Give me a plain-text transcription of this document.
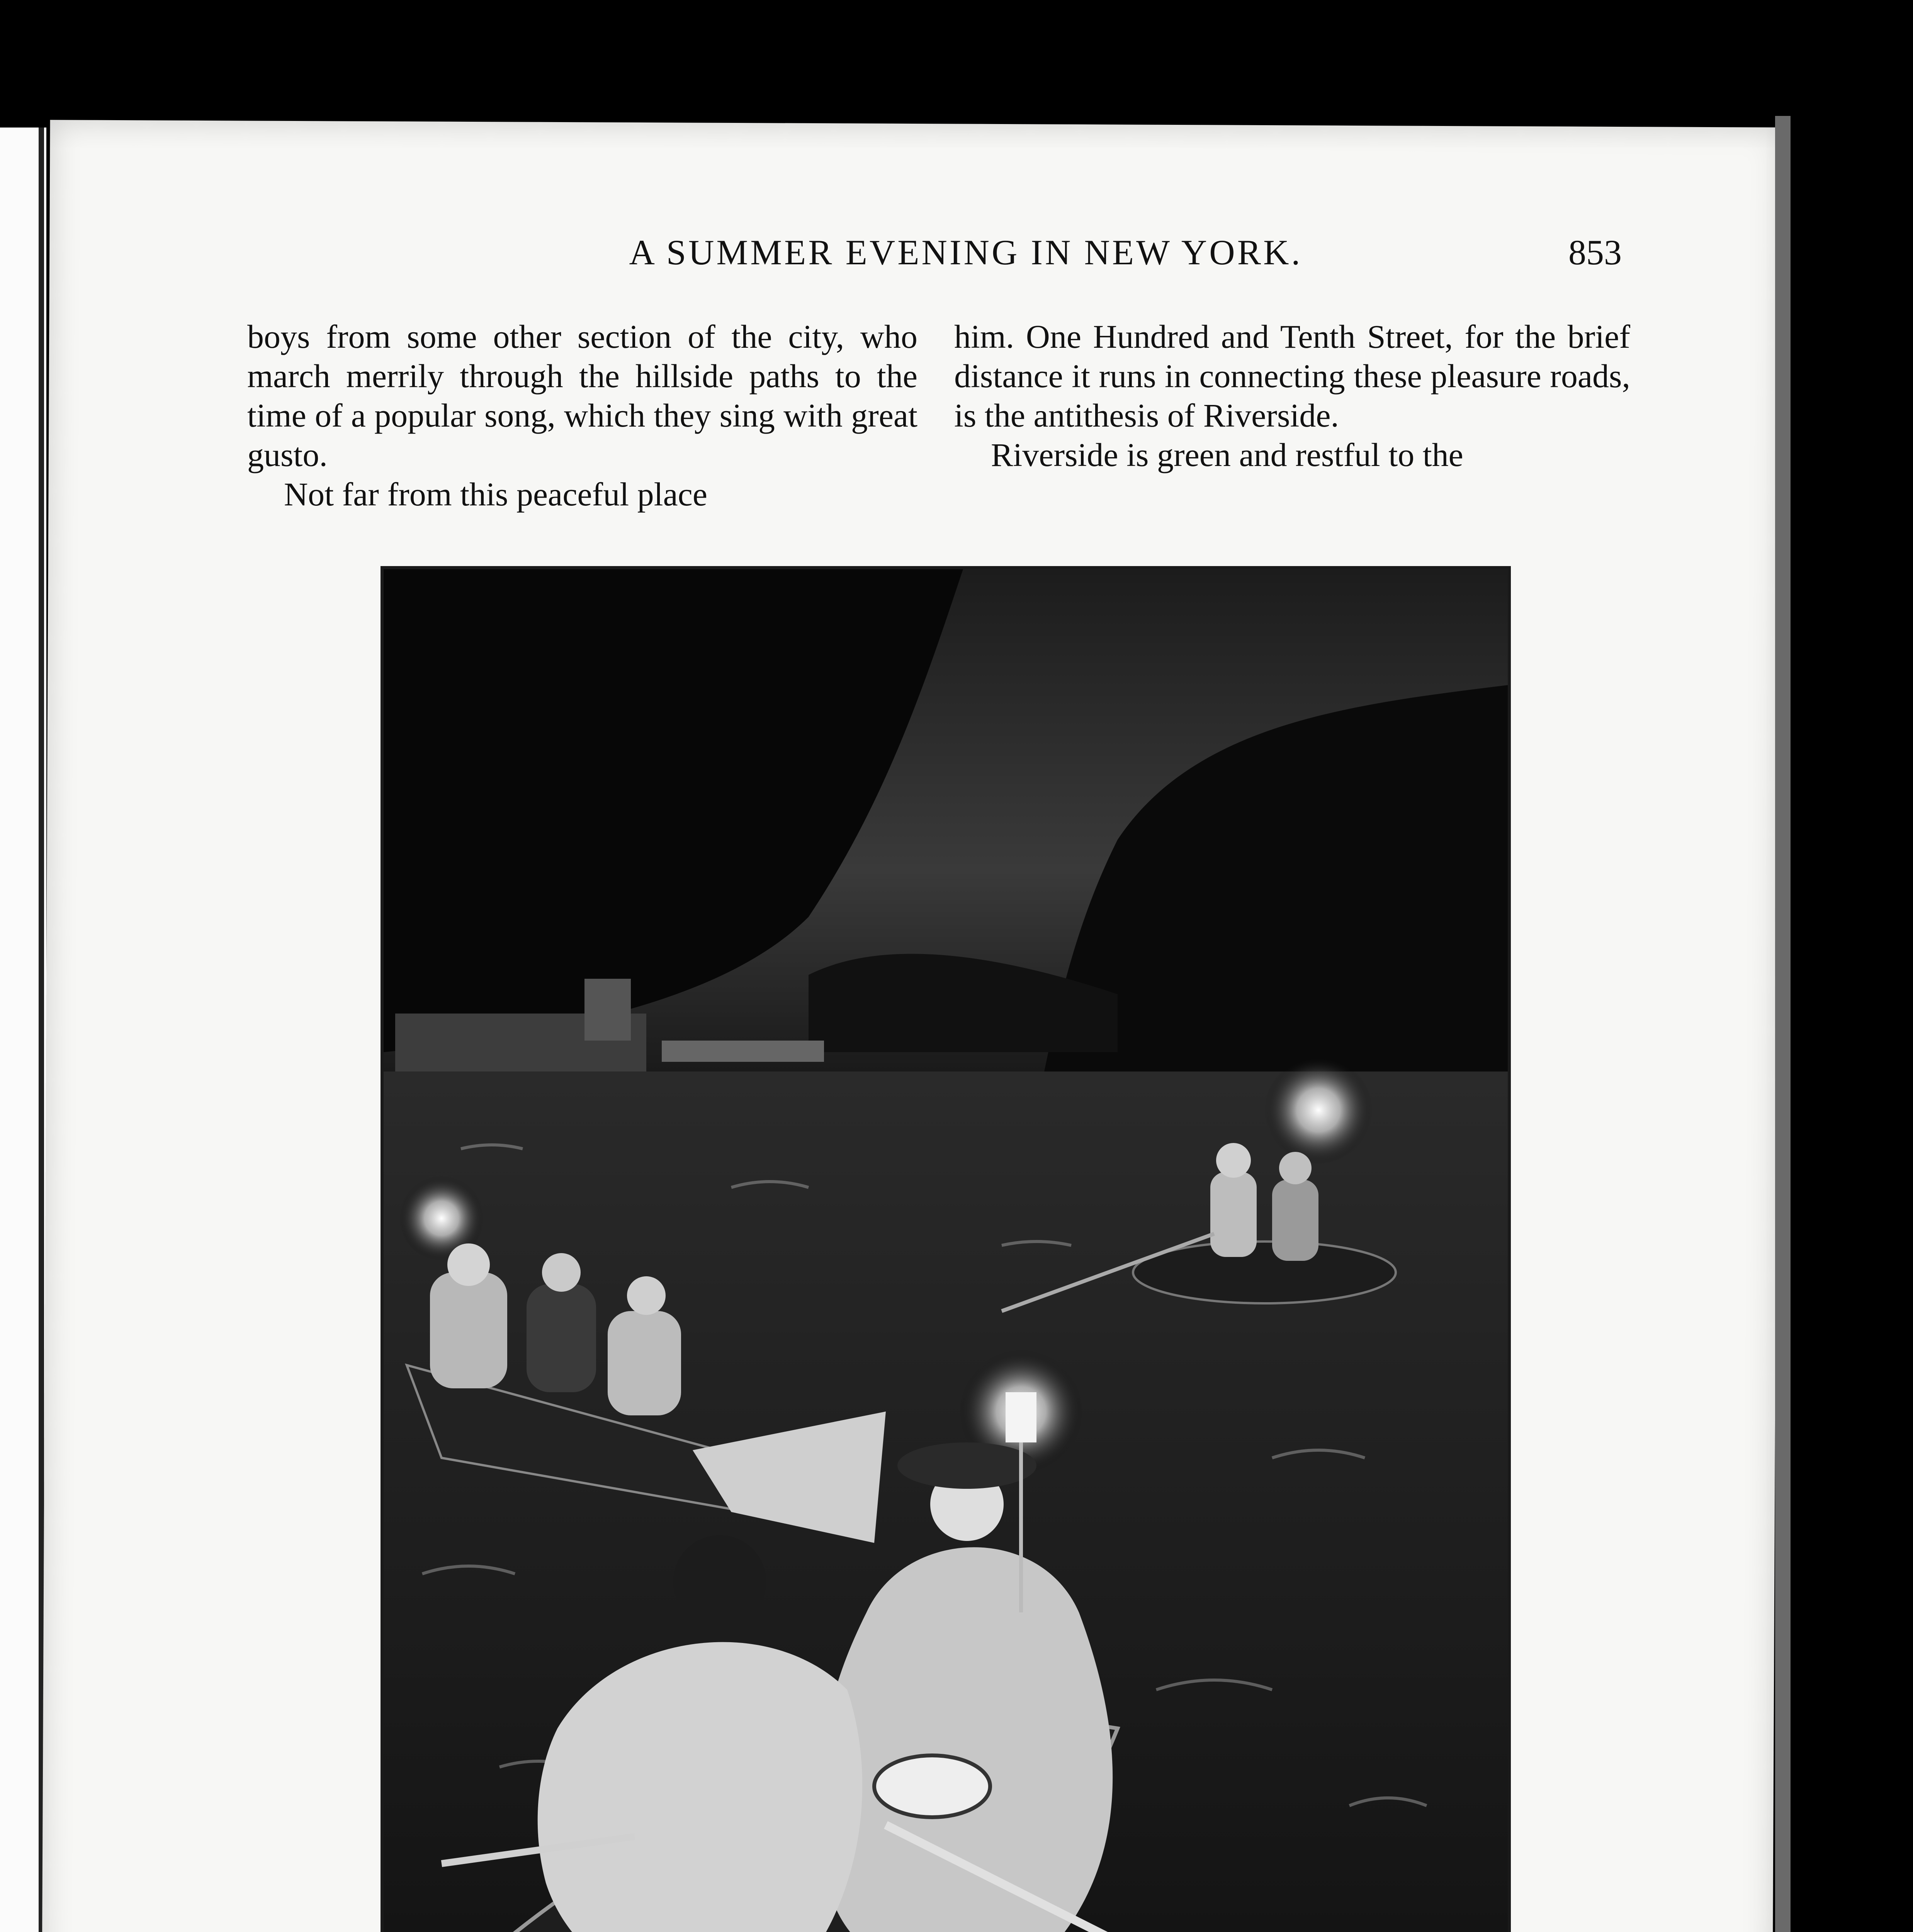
A SUMMER EVENING IN NEW YORK.	853

boys from some other section of the city, who march merrily through the hillside paths to the time of a popular song, which they sing with great gusto.

Not far from this peaceful place

him. One Hundred and Tenth Street, for the brief distance it runs in connecting these pleasure roads, is the antithesis of Riverside.

Riverside is green and restful to the
